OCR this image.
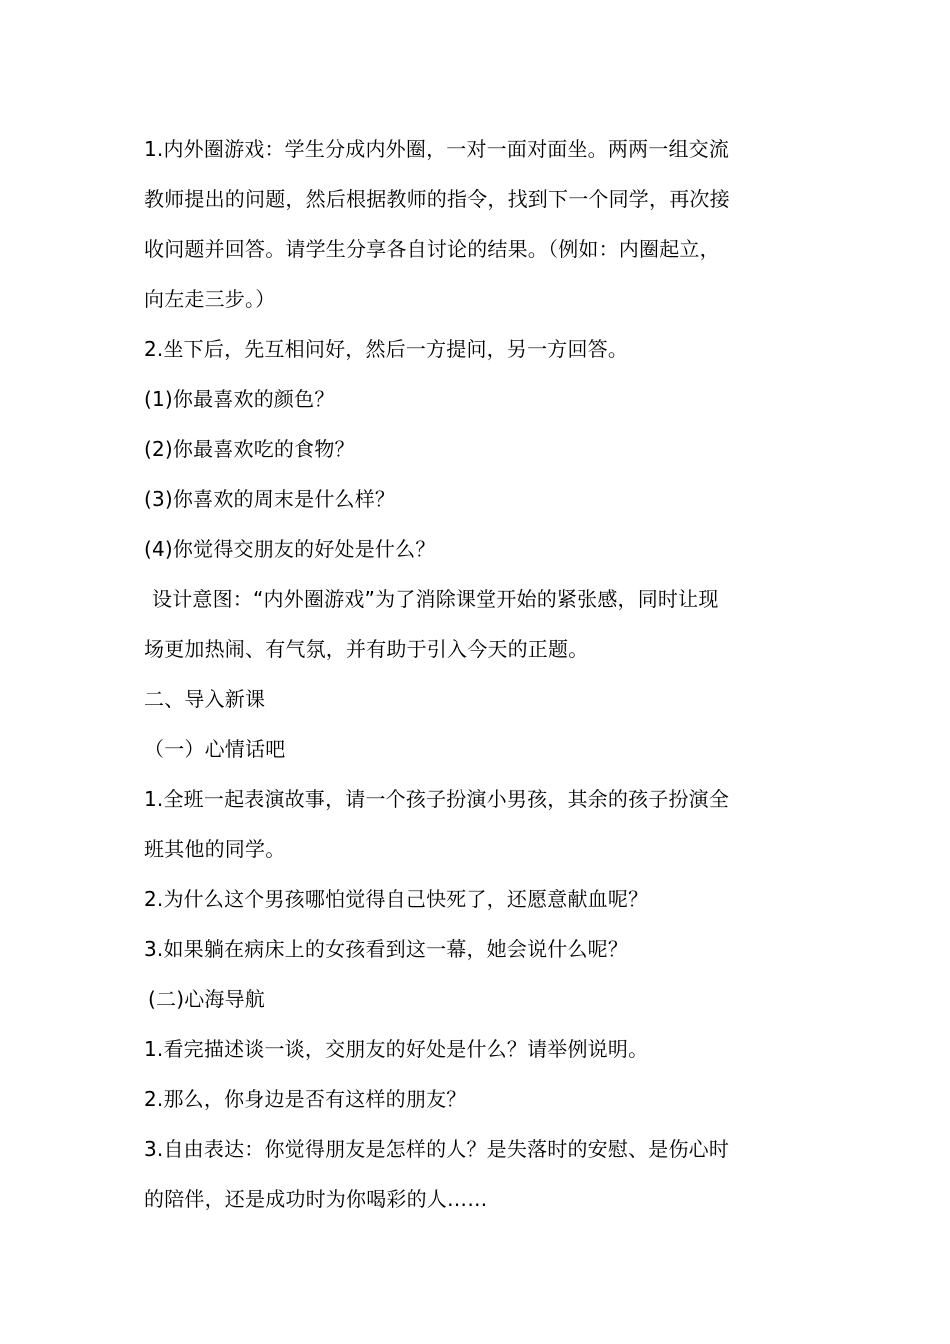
1.内外圈游戏：学生分成内外圈，一对一面对面坐。两两一组交流
教师提出的问题，然后根据教师的指令，找到下一个同学，再次接
收问题并回答。请学生分享各自讨论的结果。（例如：内圈起立，
向左走三步。）
2.坐下后，先互相问好，然后一方提问，另一方回答。
(1)你最喜欢的颜色？
(2)你最喜欢吃的食物？
(3)你喜欢的周末是什么样？
(4)你觉得交朋友的好处是什么？
设计意图：“内外圈游戏”为了消除课堂开始的紧张感，同时让现
场更加热闹、有气氛，并有助于引入今天的正题。
二、导入新课
（一）心情话吧
1.全班一起表演故事，请一个孩子扮演小男孩，其余的孩子扮演全
班其他的同学。
2.为什么这个男孩哪怕觉得自己快死了，还愿意献血呢？
3.如果躺在病床上的女孩看到这一幕，她会说什么呢？
(二)心海导航
1.看完描述谈一谈，交朋友的好处是什么？请举例说明。
2.那么，你身边是否有这样的朋友？
3.自由表达：你觉得朋友是怎样的人？是失落时的安慰、是伤心时
的陪伴，还是成功时为你喝彩的人……
